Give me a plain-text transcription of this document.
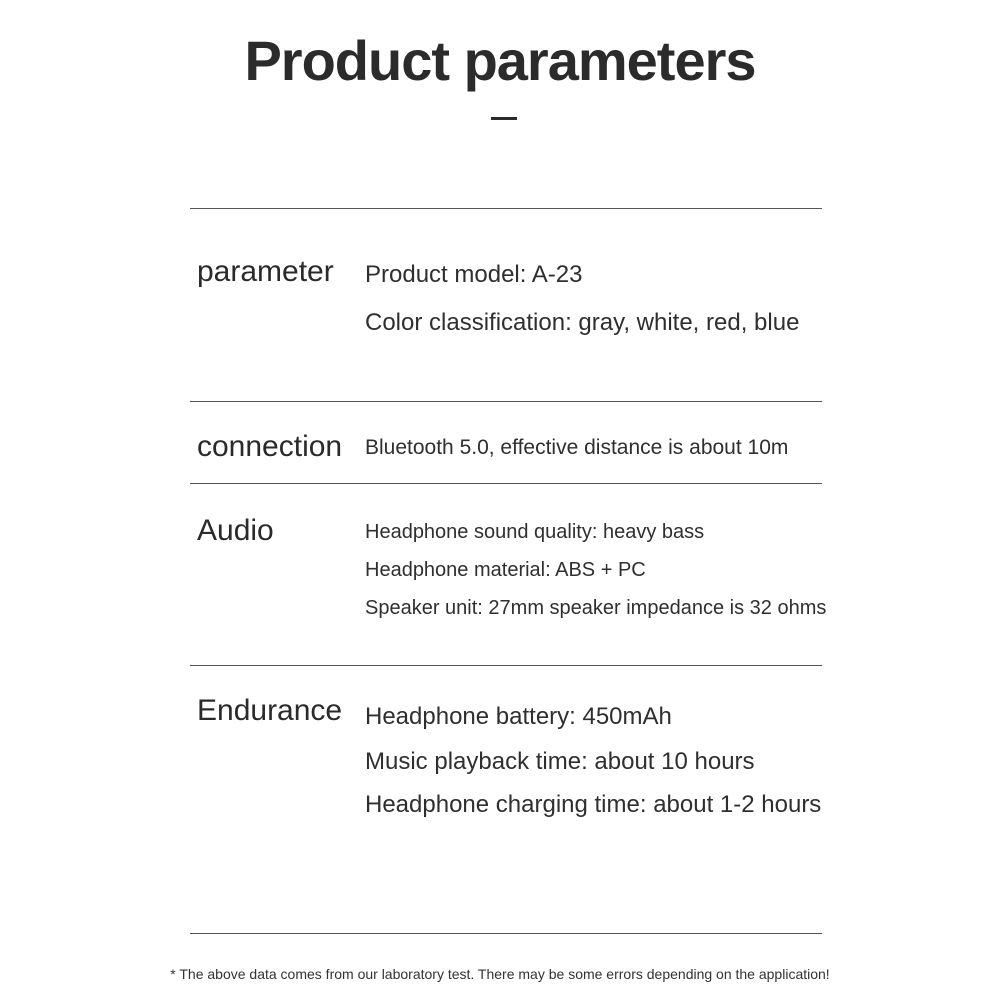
Product parameters
parameter Product model: A-23
Color classification: gray, white, red, blue
connection Bluetooth 5.0, effective distance is about 10m
Audio	Headphone sound quality: heavy bass
Headphone material: ABS + PC
Speaker unit: 27mm speaker impedance is 32 ohms
Endurance Headphone battery: 450mAh
Music playback time: about 10 hours
Headphone charging time: about 1-2 hours
* The above data comes from our laboratory test. There may be some errors depending on the application!
